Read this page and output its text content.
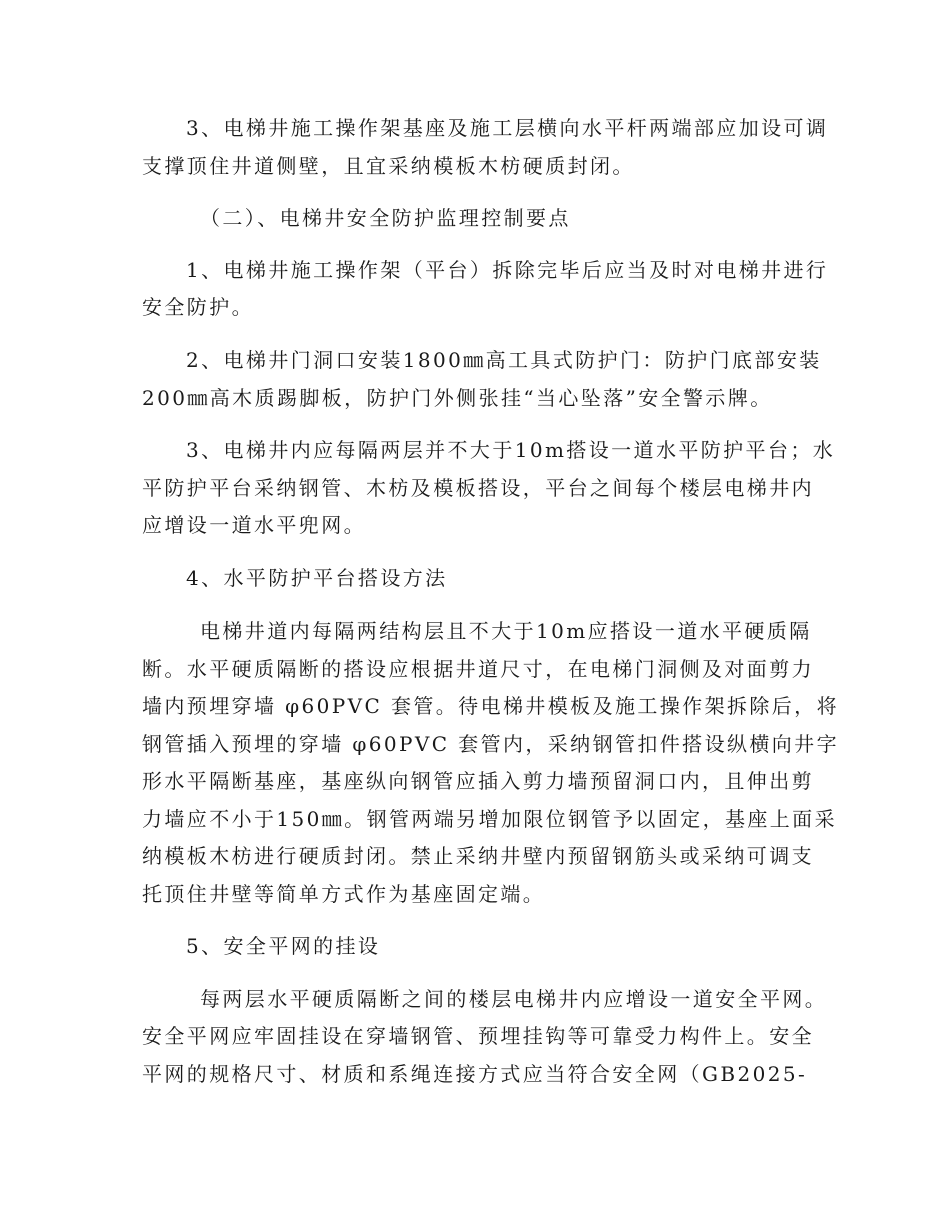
3、电梯井施工操作架基座及施工层横向水平杆两端部应加设可调
支撑顶住井道侧壁，且宜采纳模板木枋硬质封闭。
（二）、电梯井安全防护监理控制要点
1、电梯井施工操作架（平台）拆除完毕后应当及时对电梯井进行
安全防护。
2、电梯井门洞口安装1800㎜高工具式防护门：防护门底部安装
200㎜高木质踢脚板，防护门外侧张挂“当心坠落”安全警示牌。
3、电梯井内应每隔两层并不大于10m搭设一道水平防护平台；水
平防护平台采纳钢管、木枋及模板搭设，平台之间每个楼层电梯井内
应增设一道水平兜网。
4、水平防护平台搭设方法
电梯井道内每隔两结构层且不大于10m应搭设一道水平硬质隔
断。水平硬质隔断的搭设应根据井道尺寸，在电梯门洞侧及对面剪力
墙内预埋穿墙 φ60PVC 套管。待电梯井模板及施工操作架拆除后，将
钢管插入预埋的穿墙 φ60PVC 套管内，采纳钢管扣件搭设纵横向井字
形水平隔断基座，基座纵向钢管应插入剪力墙预留洞口内，且伸出剪
力墙应不小于150㎜。钢管两端另增加限位钢管予以固定，基座上面采
纳模板木枋进行硬质封闭。禁止采纳井壁内预留钢筋头或采纳可调支
托顶住井壁等简单方式作为基座固定端。
5、安全平网的挂设
每两层水平硬质隔断之间的楼层电梯井内应增设一道安全平网。
安全平网应牢固挂设在穿墙钢管、预埋挂钩等可靠受力构件上。安全
平网的规格尺寸、材质和系绳连接方式应当符合安全网（GB2025-
